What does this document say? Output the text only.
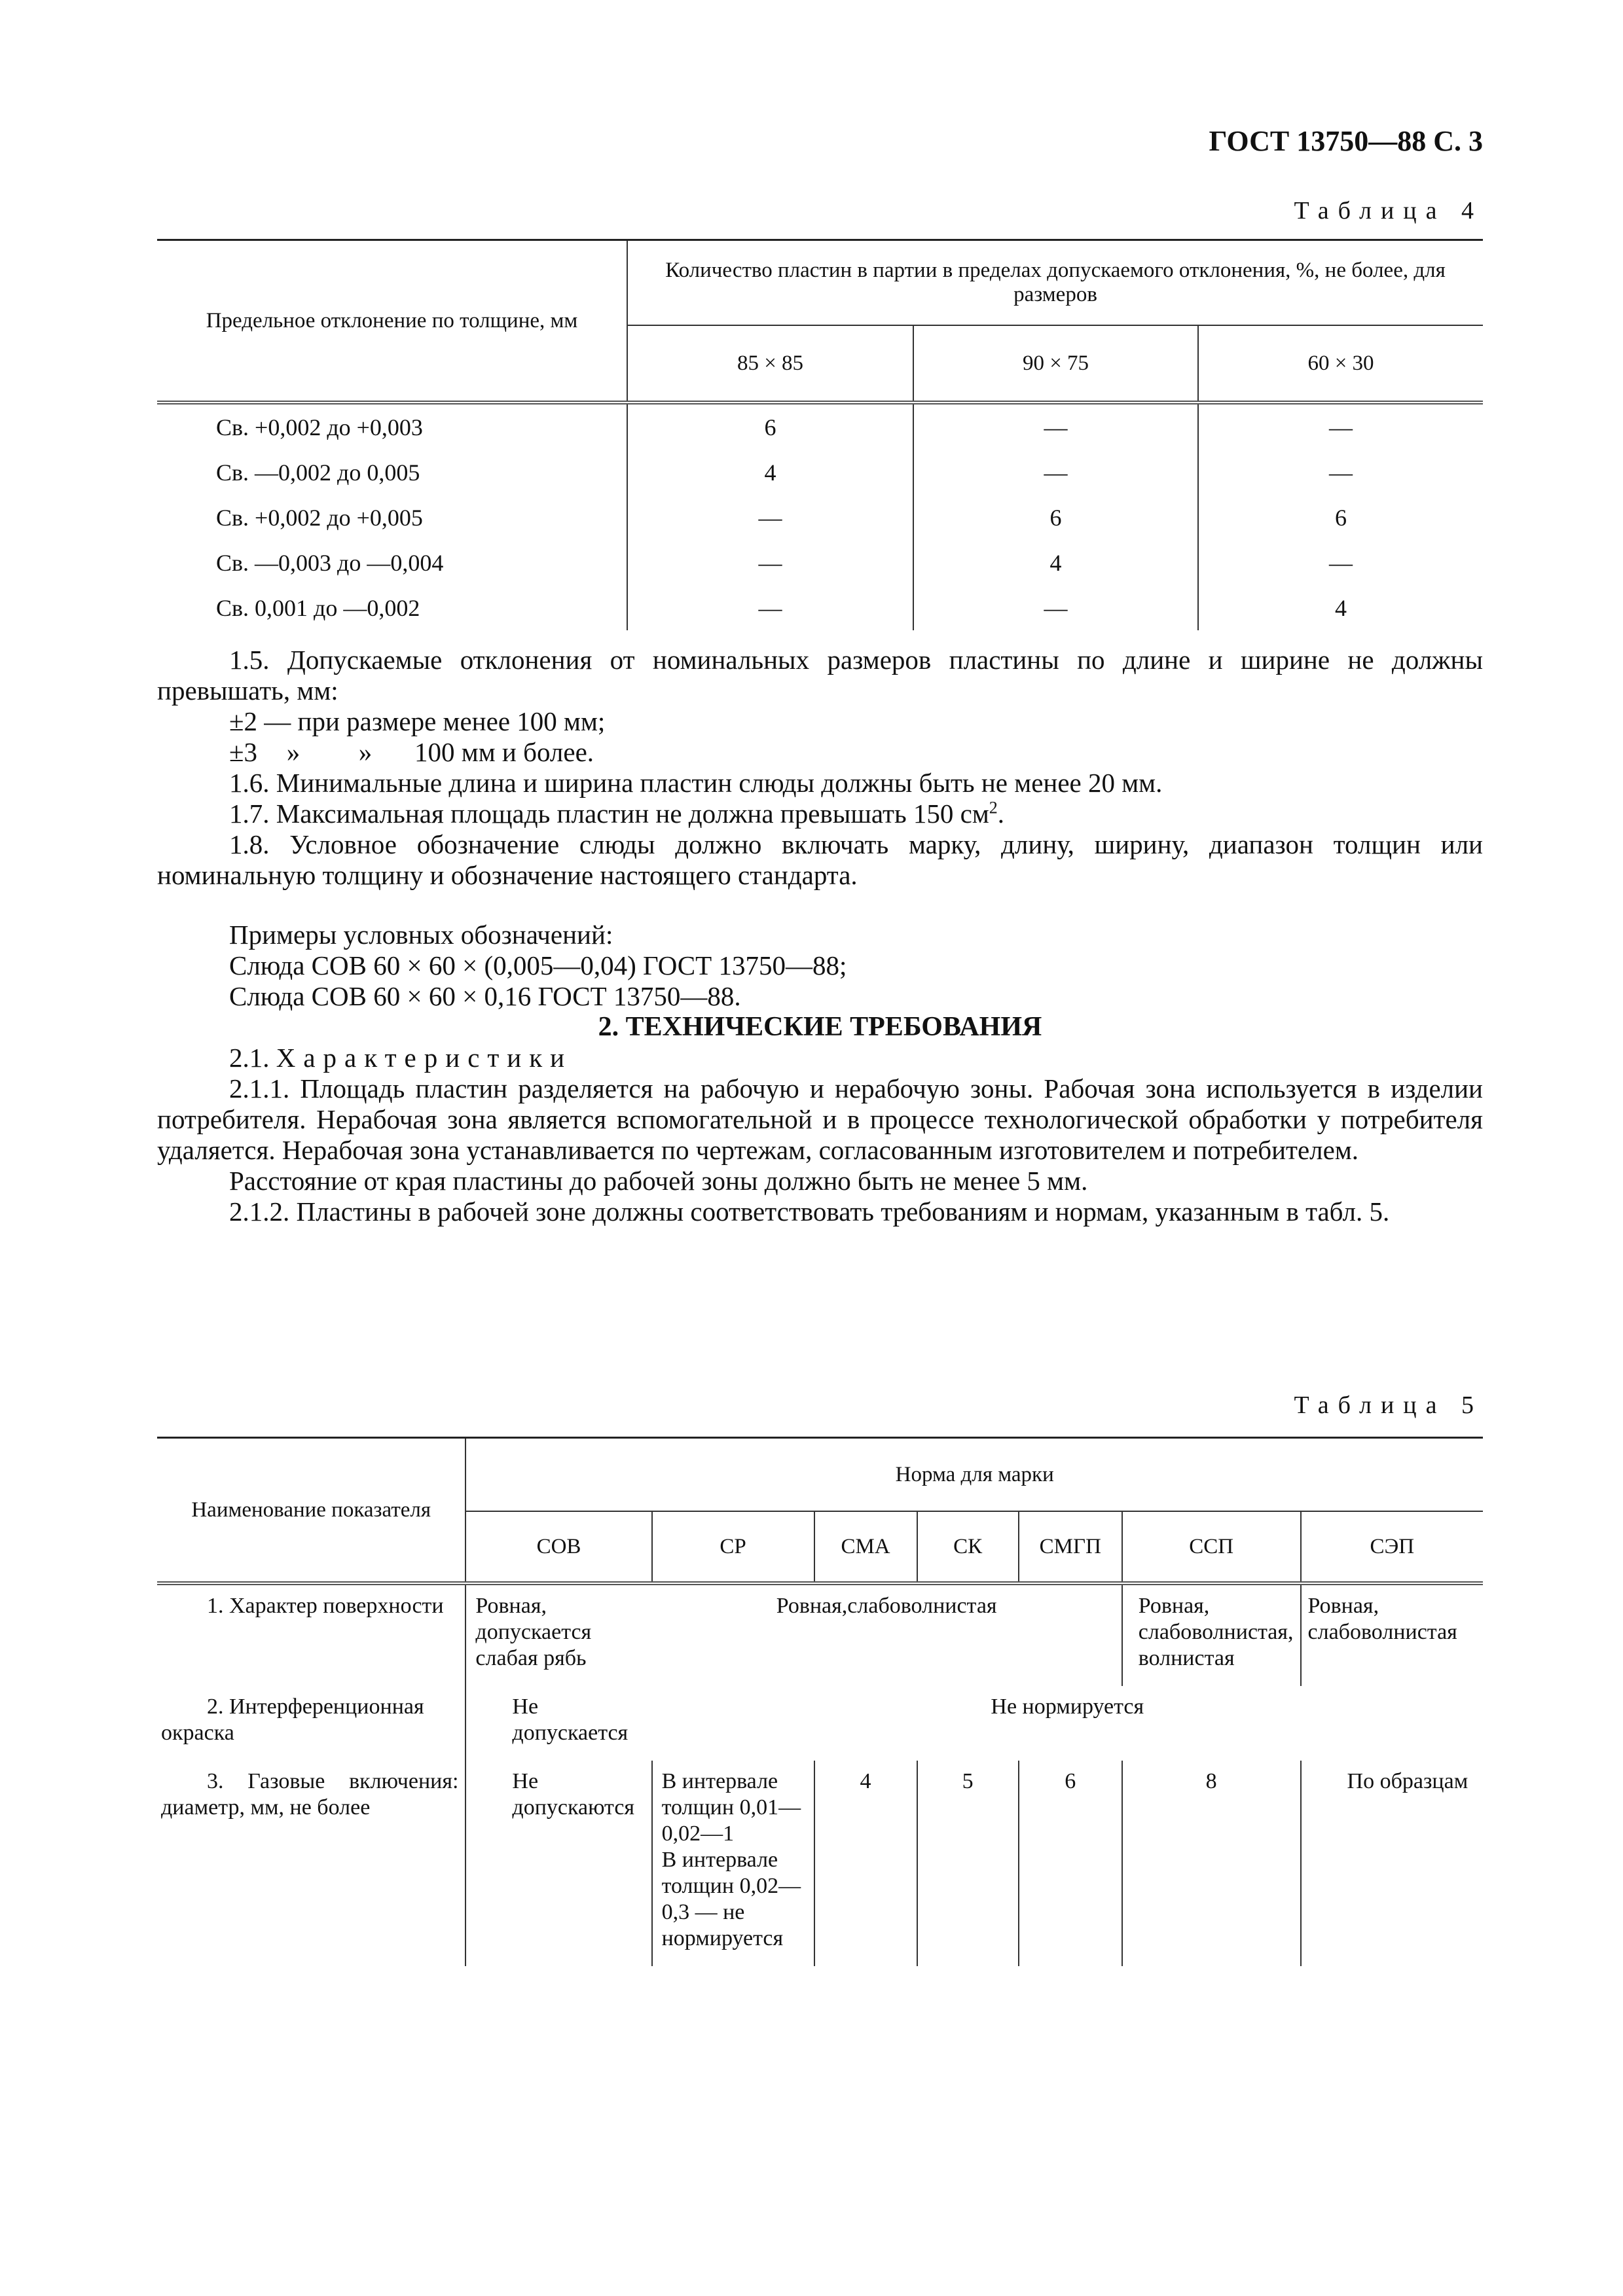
ГОСТ 13750—88 С. 3
Таблица 4
Предельное отклонение по толщине, мм	Количество пластин в партии в пределах допускаемого отклонения, %, не более, для размеров		
	85 × 85	90 × 75	60 × 30
Св. +0,002 до +0,003	6	—	—
Св. —0,002 до 0,005	4	—	—
Св. +0,002 до +0,005	—	6	6
Св. —0,003 до —0,004	—	4	—
Св. 0,001 до —0,002	—	—	4

1.5. Допускаемые отклонения от номинальных размеров пластины по длине и ширине не должны превышать, мм:

±2 — при размере менее 100 мм;

±3 » » 100 мм и более.

1.6. Минимальные длина и ширина пластин слюды должны быть не менее 20 мм.

1.7. Максимальная площадь пластин не должна превышать 150 $см^2$.

1.8. Условное обозначение слюды должно включать марку, длину, ширину, диапазон толщин или номинальную толщину и обозначение настоящего стандарта.

Примеры условных обозначений:

Слюда СОВ 60 × 60 × (0,005—0,04) ГОСТ 13750—88;

Слюда СОВ 60 × 60 × 0,16 ГОСТ 13750—88.

2. ТЕХНИЧЕСКИЕ ТРЕБОВАНИЯ

2.1. Характеристики

2.1.1. Площадь пластин разделяется на рабочую и нерабочую зоны. Рабочая зона используется в изделии потребителя. Нерабочая зона является вспомогательной и в процессе технологической обработки у потребителя удаляется. Нерабочая зона устанавливается по чертежам, согласованным изготовителем и потребителем.

Расстояние от края пластины до рабочей зоны должно быть не менее 5 мм.

2.1.2. Пластины в рабочей зоне должны соответствовать требованиям и нормам, указанным в табл. 5.

Таблица 5
Наименование показателя	Норма для марки						
	СОВ	СР	СМА	СК	СМГП	ССП	СЭП
1. Характер поверхности	Ровная, допускается слабая рябь	Ровная,слабоволнистая				Ровная, слабоволнистая, волнистая	Ровная, слабоволнистая
2. Интерференционная окраска	Не допускается	Не нормируется					
3. Газовые включения: диаметр, мм, не более	Не допускаются	В интервале толщин 0,01—0,02—1
В интервале толщин 0,02—0,3 — не нормируется	4	5	6	8	По образцам
